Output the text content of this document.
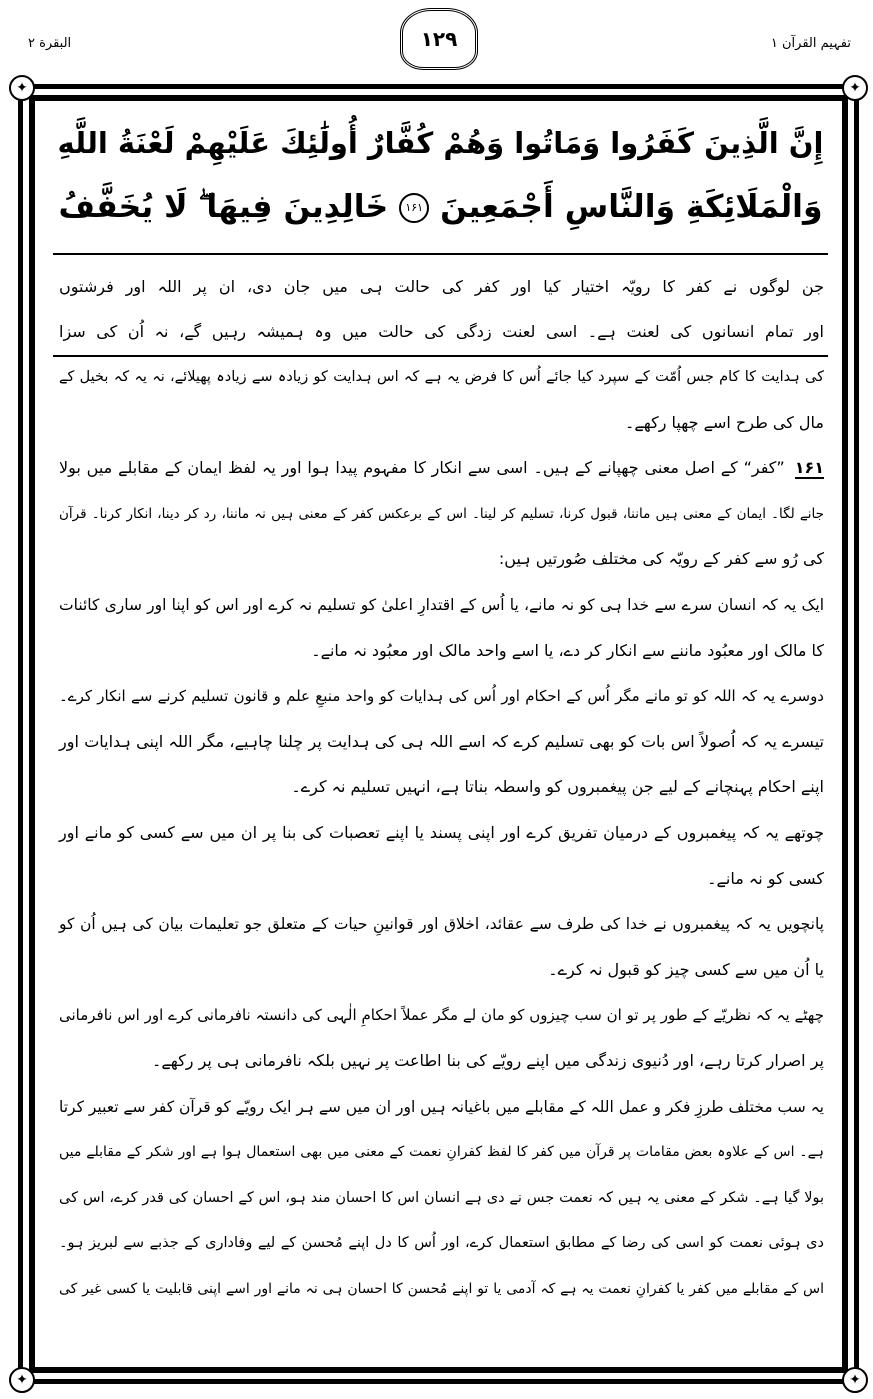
البقرة ۲	تفہیم القرآن ۱
۱۲۹
✦	✦
✦	✦
إِنَّ الَّذِينَ كَفَرُوا وَمَاتُوا وَهُمْ كُفَّارٌ أُولَٰئِكَ عَلَيْهِمْ لَعْنَةُ اللَّهِ
وَالْمَلَائِكَةِ وَالنَّاسِ أَجْمَعِينَ ۱۶۱ خَالِدِينَ فِيهَا ۖ لَا يُخَفَّفُ
جن لوگوں نے کفر کا رویّہ اختیار کیا اور کفر کی حالت ہی میں جان دی، ان پر اللہ اور فرشتوں
اور تمام انسانوں کی لعنت ہے۔ اسی لعنت زدگی کی حالت میں وہ ہمیشہ رہیں گے، نہ اُن کی سزا
کی ہدایت کا کام جس اُمّت کے سپرد کیا جائے اُس کا فرض یہ ہے کہ اس ہدایت کو زیادہ سے زیادہ پھیلائے، نہ یہ کہ بخیل کے
مال کی طرح اسے چھپا رکھے۔
۱۶۱”کفر“ کے اصل معنی چھپانے کے ہیں۔ اسی سے انکار کا مفہوم پیدا ہوا اور یہ لفظ ایمان کے مقابلے میں بولا
جانے لگا۔ ایمان کے معنی ہیں ماننا، قبول کرنا، تسلیم کر لینا۔ اس کے برعکس کفر کے معنی ہیں نہ ماننا، رد کر دینا، انکار کرنا۔ قرآن
کی رُو سے کفر کے رویّہ کی مختلف صُورتیں ہیں:
ایک یہ کہ انسان سرے سے خدا ہی کو نہ مانے، یا اُس کے اقتدارِ اعلیٰ کو تسلیم نہ کرے اور اس کو اپنا اور ساری کائنات
کا مالک اور معبُود ماننے سے انکار کر دے، یا اسے واحد مالک اور معبُود نہ مانے۔
دوسرے یہ کہ اللہ کو تو مانے مگر اُس کے احکام اور اُس کی ہدایات کو واحد منبعِ علم و قانون تسلیم کرنے سے انکار کرے۔
تیسرے یہ کہ اُصولاً اس بات کو بھی تسلیم کرے کہ اسے اللہ ہی کی ہدایت پر چلنا چاہیے، مگر اللہ اپنی ہدایات اور
اپنے احکام پہنچانے کے لیے جن پیغمبروں کو واسطہ بناتا ہے، انہیں تسلیم نہ کرے۔
چوتھے یہ کہ پیغمبروں کے درمیان تفریق کرے اور اپنی پسند یا اپنے تعصبات کی بنا پر ان میں سے کسی کو مانے اور
کسی کو نہ مانے۔
پانچویں یہ کہ پیغمبروں نے خدا کی طرف سے عقائد، اخلاق اور قوانینِ حیات کے متعلق جو تعلیمات بیان کی ہیں اُن کو
یا اُن میں سے کسی چیز کو قبول نہ کرے۔
چھٹے یہ کہ نظریّے کے طور پر تو ان سب چیزوں کو مان لے مگر عملاً احکامِ الٰہی کی دانستہ نافرمانی کرے اور اس نافرمانی
پر اصرار کرتا رہے، اور دُنیوی زندگی میں اپنے رویّے کی بنا اطاعت پر نہیں بلکہ نافرمانی ہی پر رکھے۔
یہ سب مختلف طرزِ فکر و عمل اللہ کے مقابلے میں باغیانہ ہیں اور ان میں سے ہر ایک رویّے کو قرآن کفر سے تعبیر کرتا
ہے۔ اس کے علاوہ بعض مقامات پر قرآن میں کفر کا لفظ کفرانِ نعمت کے معنی میں بھی استعمال ہوا ہے اور شکر کے مقابلے میں
بولا گیا ہے۔ شکر کے معنی یہ ہیں کہ نعمت جس نے دی ہے انسان اس کا احسان مند ہو، اس کے احسان کی قدر کرے، اس کی
دی ہوئی نعمت کو اسی کی رضا کے مطابق استعمال کرے، اور اُس کا دل اپنے مُحسن کے لیے وفاداری کے جذبے سے لبریز ہو۔
اس کے مقابلے میں کفر یا کفرانِ نعمت یہ ہے کہ آدمی یا تو اپنے مُحسن کا احسان ہی نہ مانے اور اسے اپنی قابلیت یا کسی غیر کی
